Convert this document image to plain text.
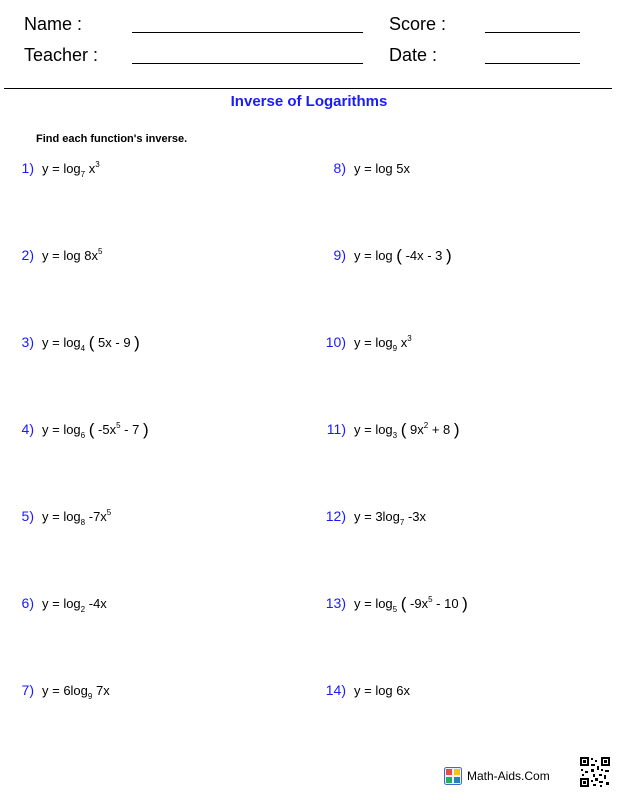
Name :	Score :
Teacher :	Date :
Inverse of Logarithms
Find each function's inverse.
1) $y = \log_7 x^3$
2) $y = \log 8x^5$
3) $y = \log_4$ ( 5x - 9 )
4) $y = \log_6$ ( $-5x^5 - 7$ )
5) $y = \log_8 -7x^5$
6) $y = \log_2 -4x$
7) $y = 6\log_9$ 7x
8) y = log 5x
9) y = log ( -4x - 3 )
10) $y = \log_9 x^3$
11) $y = \log_3$ ( $9x^2 + 8$ )
12) $y = 3\log_7$ -3x
13) $y = \log_5$ ( $-9x^5 - 10$ )
14) y = log 6x
Math-Aids.Com
